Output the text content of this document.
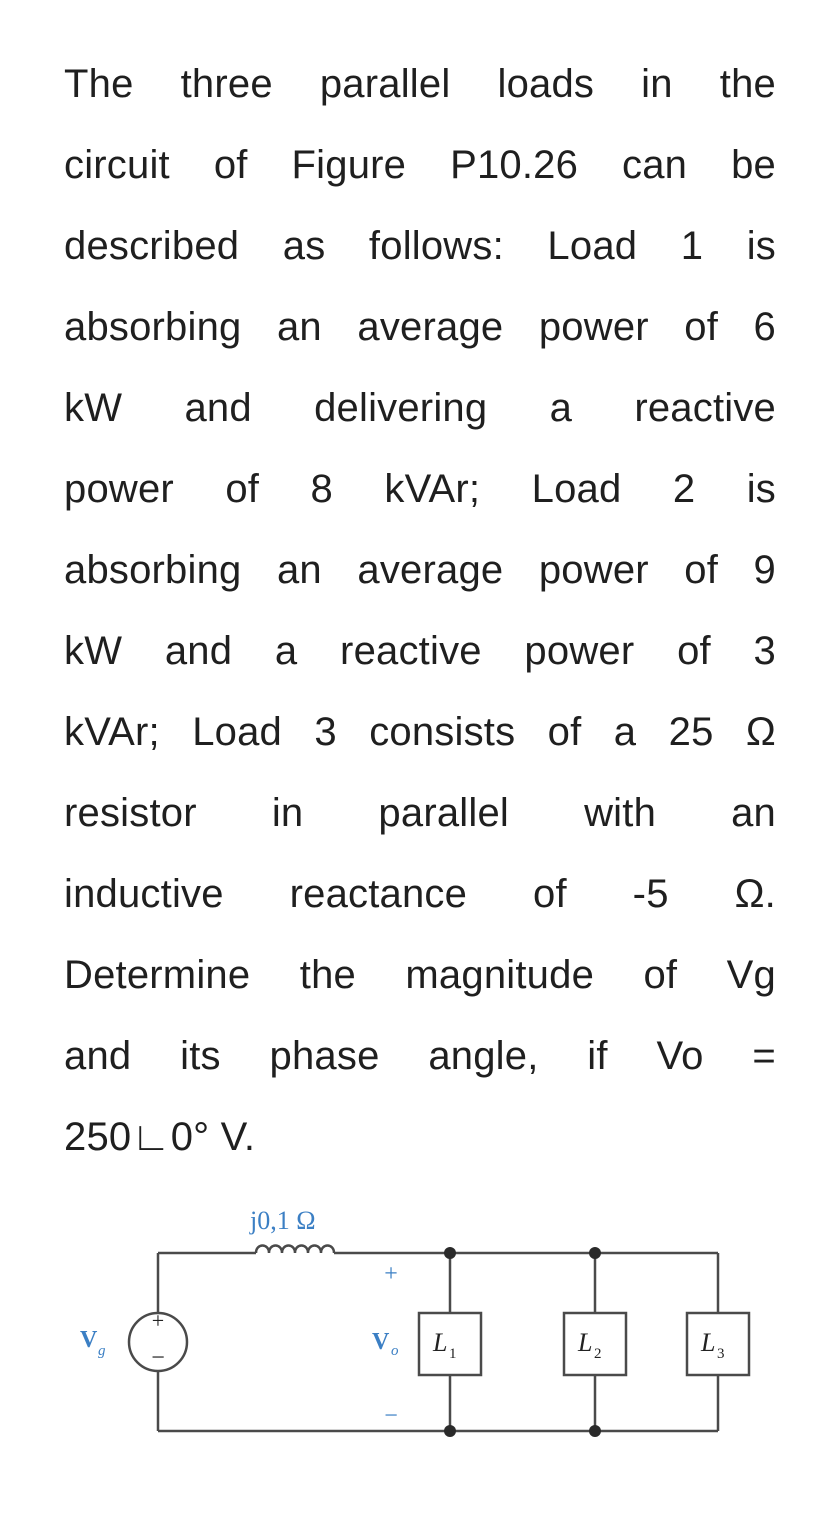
The three parallel loads in the
circuit of Figure P10.26 can be
described as follows: Load 1 is
absorbing an average power of 6
kW and delivering a reactive
power of 8 kVAr; Load 2 is
absorbing an average power of 9
kW and a reactive power of 3
kVAr; Load 3 consists of a 25 Ω
resistor in parallel with an
inductive reactance of -5 Ω.
Determine the magnitude of Vg
and its phase angle, if Vo =
250∟0° V.
+
−
V g
j0,1 Ω
+
V o
−
L 1	L 2	L 3
